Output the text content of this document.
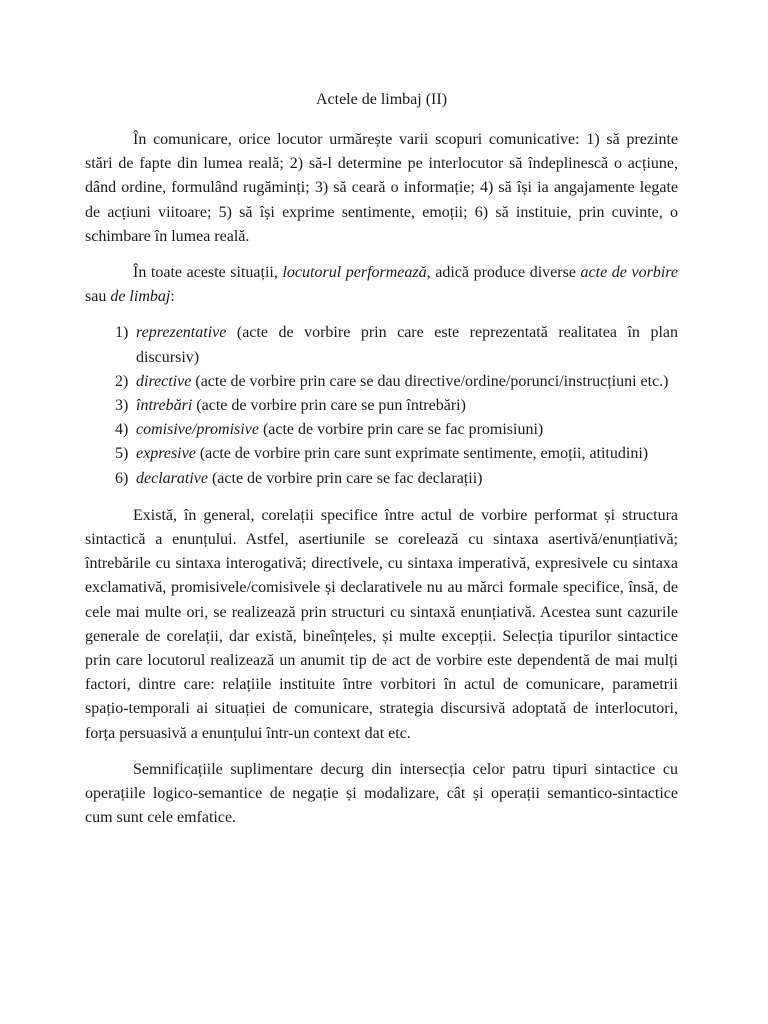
Actele de limbaj (II)

În comunicare, orice locutor urmărește varii scopuri comunicative: 1) să prezinte stări de fapte din lumea reală; 2) să-l determine pe interlocutor să îndeplinescă o acțiune, dând ordine, formulând rugăminți; 3) să ceară o informație; 4) să își ia angajamente legate de acțiuni viitoare; 5) să își exprime sentimente, emoții; 6) să instituie, prin cuvinte, o schimbare în lumea reală.

În toate aceste situații, locutorul performează, adică produce diverse acte de vorbire sau de limbaj:

1) reprezentative (acte de vorbire prin care este reprezentată realitatea în plan discursiv)
2) directive (acte de vorbire prin care se dau directive/ordine/porunci/instrucțiuni etc.)
3) întrebări (acte de vorbire prin care se pun întrebări)
4) comisive/promisive (acte de vorbire prin care se fac promisiuni)
5) expresive (acte de vorbire prin care sunt exprimate sentimente, emoții, atitudini)
6) declarative (acte de vorbire prin care se fac declarații)

Există, în general, corelații specifice între actul de vorbire performat și structura sintactică a enunțului. Astfel, asertiunile se corelează cu sintaxa asertivă/enunțiativă; întrebările cu sintaxa interogativă; directivele, cu sintaxa imperativă, expresivele cu sintaxa exclamativă, promisivele/comisivele și declarativele nu au mărci formale specifice, însă, de cele mai multe ori, se realizează prin structuri cu sintaxă enunțiativă. Acestea sunt cazurile generale de corelații, dar există, bineînțeles, și multe excepții. Selecția tipurilor sintactice prin care locutorul realizează un anumit tip de act de vorbire este dependentă de mai mulți factori, dintre care: relațiile instituite între vorbitori în actul de comunicare, parametrii spațio-temporali ai situației de comunicare, strategia discursivă adoptată de interlocutori, forța persuasivă a enunțului într-un context dat etc.

Semnificațiile suplimentare decurg din intersecția celor patru tipuri sintactice cu operațiile logico-semantice de negație și modalizare, cât și operații semantico-sintactice cum sunt cele emfatice.
